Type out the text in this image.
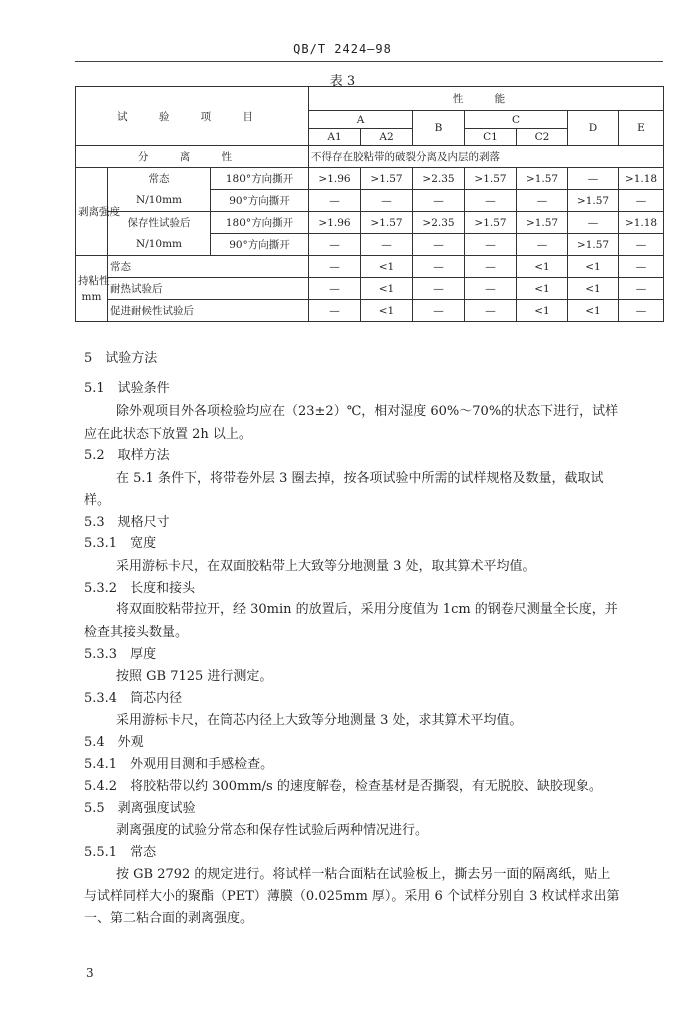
QB/T 2424—98
表 3
试 验 项 目			性 能						
			A		B	C		D	E
			A1	A2		C1	C2		
分 离 性			不得存在胶粘带的破裂分离及内层的剥落						
剥离强度	常态	180°方向撕开	>1.96	>1.57	>2.35	>1.57	>1.57	—	>1.18
	N/10mm	90°方向撕开	—	—	—	—	—	>1.57	—
	保存性试验后	180°方向撕开	>1.96	>1.57	>2.35	>1.57	>1.57	—	>1.18
	N/10mm	90°方向撕开	—	—	—	—	—	>1.57	—
持粘性
mm	常态		—	<1	—	—	<1	<1	—
	耐热试验后		—	<1	—	—	<1	<1	—
	促进耐候性试验后		—	<1	—	—	<1	<1	—
5　试验方法
5.1　试验条件
除外观项目外各项检验均应在（23±2）℃，相对湿度 60%～70%的状态下进行，试样
应在此状态下放置 2h 以上。
5.2　取样方法
在 5.1 条件下，将带卷外层 3 圈去掉，按各项试验中所需的试样规格及数量，截取试
样。
5.3　规格尺寸
5.3.1　宽度
采用游标卡尺，在双面胶粘带上大致等分地测量 3 处，取其算术平均值。
5.3.2　长度和接头
将双面胶粘带拉开，经 30min 的放置后，采用分度值为 1cm 的钢卷尺测量全长度，并
检查其接头数量。
5.3.3　厚度
按照 GB 7125 进行测定。
5.3.4　筒芯内径
采用游标卡尺，在筒芯内径上大致等分地测量 3 处，求其算术平均值。
5.4　外观
5.4.1　外观用目测和手感检查。
5.4.2　将胶粘带以约 300mm/s 的速度解卷，检查基材是否撕裂，有无脱胶、缺胶现象。
5.5　剥离强度试验
剥离强度的试验分常态和保存性试验后两种情况进行。
5.5.1　常态
按 GB 2792 的规定进行。将试样一粘合面粘在试验板上，撕去另一面的隔离纸，贴上
与试样同样大小的聚酯（PET）薄膜（0.025mm 厚）。采用 6 个试样分别自 3 枚试样求出第
一、第二粘合面的剥离强度。
3
